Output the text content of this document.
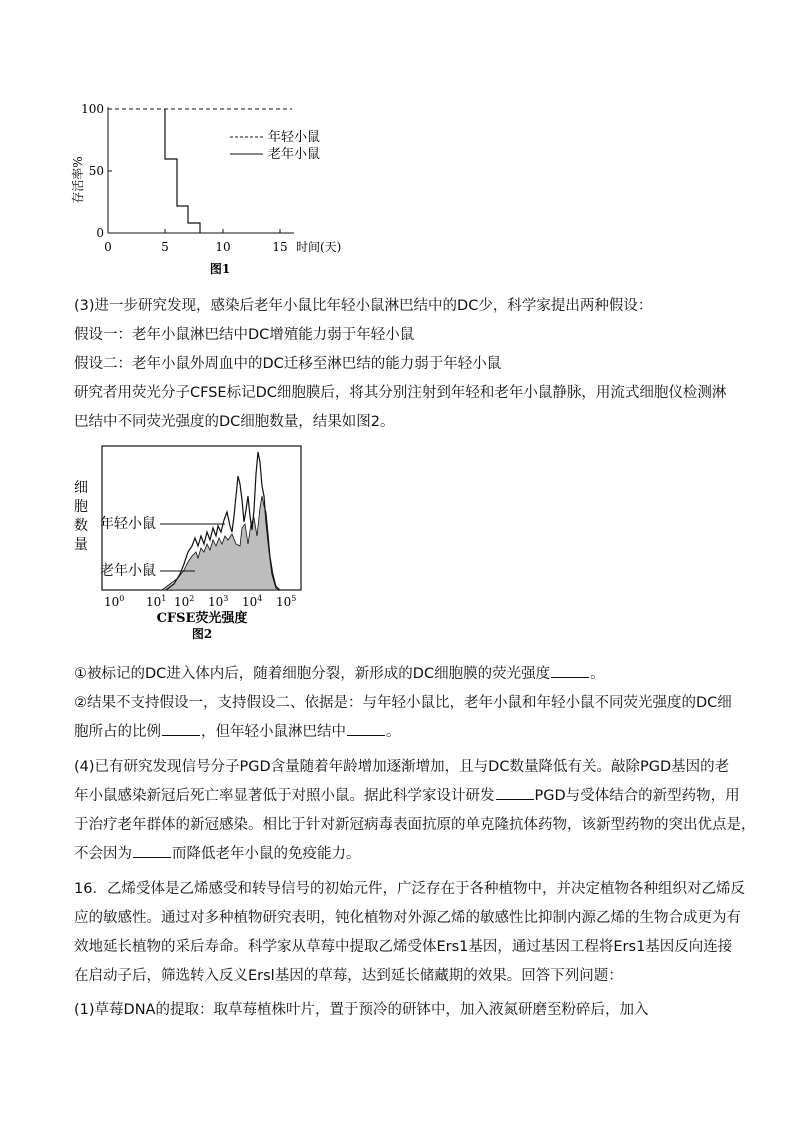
存活率%
100
50
0
0	5	10	15 时间(天)
年轻小鼠
老年小鼠
图1
(3)进一步研究发现，感染后老年小鼠比年轻小鼠淋巴结中的DC少，科学家提出两种假设：
假设一：老年小鼠淋巴结中DC增殖能力弱于年轻小鼠
假设二：老年小鼠外周血中的DC迁移至淋巴结的能力弱于年轻小鼠
研究者用荧光分子CFSE标记DC细胞膜后，将其分别注射到年轻和老年小鼠静脉，用流式细胞仪检测淋
巴结中不同荧光强度的DC细胞数量，结果如图2。
细
胞
数
量
年轻小鼠
老年小鼠
$10^0$ $10^1$ $10^2$ $10^3$ $10^4$ $10^5$
CFSE荧光强度
图2
①被标记的DC进入体内后，随着细胞分裂，新形成的DC细胞膜的荧光强度	。
②结果不支持假设一，支持假设二、依据是：与年轻小鼠比，老年小鼠和年轻小鼠不同荧光强度的DC细
胞所占的比例	，但年轻小鼠淋巴结中	。
(4)已有研究发现信号分子PGD含量随着年龄增加逐渐增加，且与DC数量降低有关。敲除PGD基因的老
年小鼠感染新冠后死亡率显著低于对照小鼠。据此科学家设计研发	PGD与受体结合的新型药物，用
于治疗老年群体的新冠感染。相比于针对新冠病毒表面抗原的单克隆抗体药物，该新型药物的突出优点是，
不会因为	而降低老年小鼠的免疫能力。
16．乙烯受体是乙烯感受和转导信号的初始元件，广泛存在于各种植物中，并决定植物各种组织对乙烯反
应的敏感性。通过对多种植物研究表明，钝化植物对外源乙烯的敏感性比抑制内源乙烯的生物合成更为有
效地延长植物的采后寿命。科学家从草莓中提取乙烯受体Ers1基因，通过基因工程将Ers1基因反向连接
在启动子后，筛选转入反义Ersl基因的草莓，达到延长储藏期的效果。回答下列问题：
(1)草莓DNA的提取：取草莓植株叶片，置于预冷的研钵中，加入液氮研磨至粉碎后，加入
